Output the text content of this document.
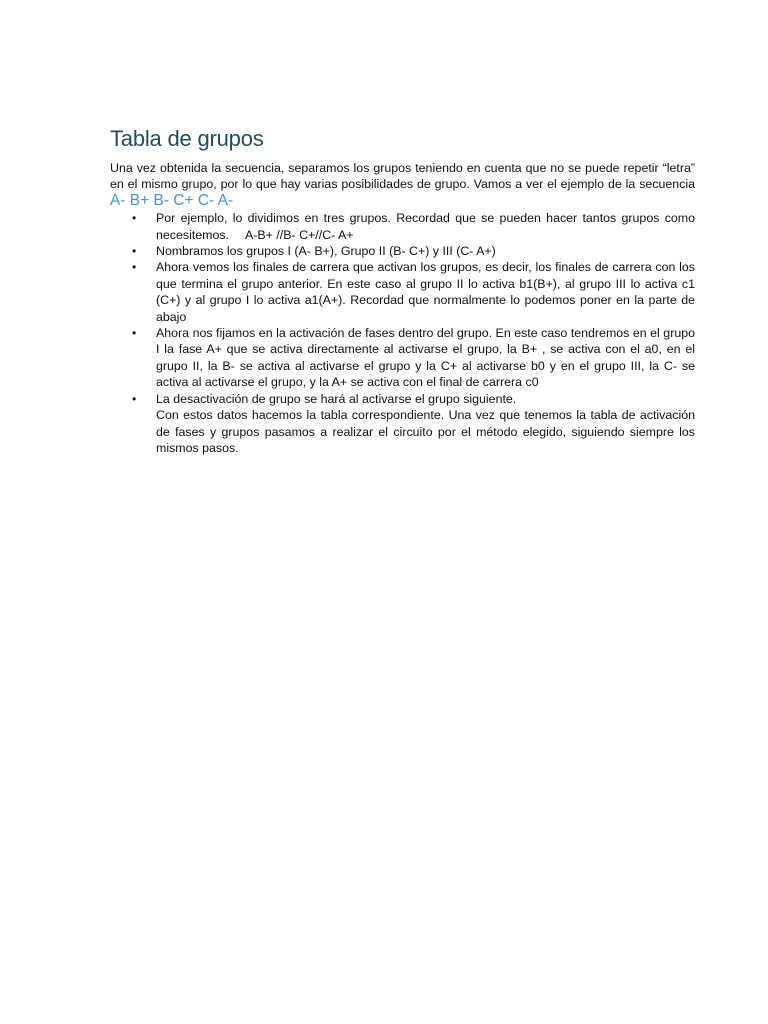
Tabla de grupos

Una vez obtenida la secuencia, separamos los grupos teniendo en cuenta que no se puede repetir “letra” en el mismo grupo, por lo que hay varias posibilidades de grupo. Vamos a ver el ejemplo de la secuencia A- B+ B- C+ C- A-

• Por ejemplo, lo dividimos en tres grupos. Recordad que se pueden hacer tantos grupos como necesitemos. A-B+ //B- C+//C- A+
• Nombramos los grupos I (A- B+), Grupo II (B- C+) y III (C- A+)
• Ahora vemos los finales de carrera que activan los grupos, es decir, los finales de carrera con los que termina el grupo anterior. En este caso al grupo II lo activa b1(B+), al grupo III lo activa c1 (C+) y al grupo I lo activa a1(A+). Recordad que normalmente lo podemos poner en la parte de abajo
• Ahora nos fijamos en la activación de fases dentro del grupo. En este caso tendremos en el grupo I la fase A+ que se activa directamente al activarse el grupo, la B+ , se activa con el a0, en el grupo II, la B- se activa al activarse el grupo y la C+ al activarse b0 y en el grupo III, la C- se activa al activarse el grupo, y la A+ se activa con el final de carrera c0
• La desactivación de grupo se hará al activarse el grupo siguiente.

Con estos datos hacemos la tabla correspondiente. Una vez que tenemos la tabla de activación de fases y grupos pasamos a realizar el circuito por el método elegido, siguiendo siempre los mismos pasos.
